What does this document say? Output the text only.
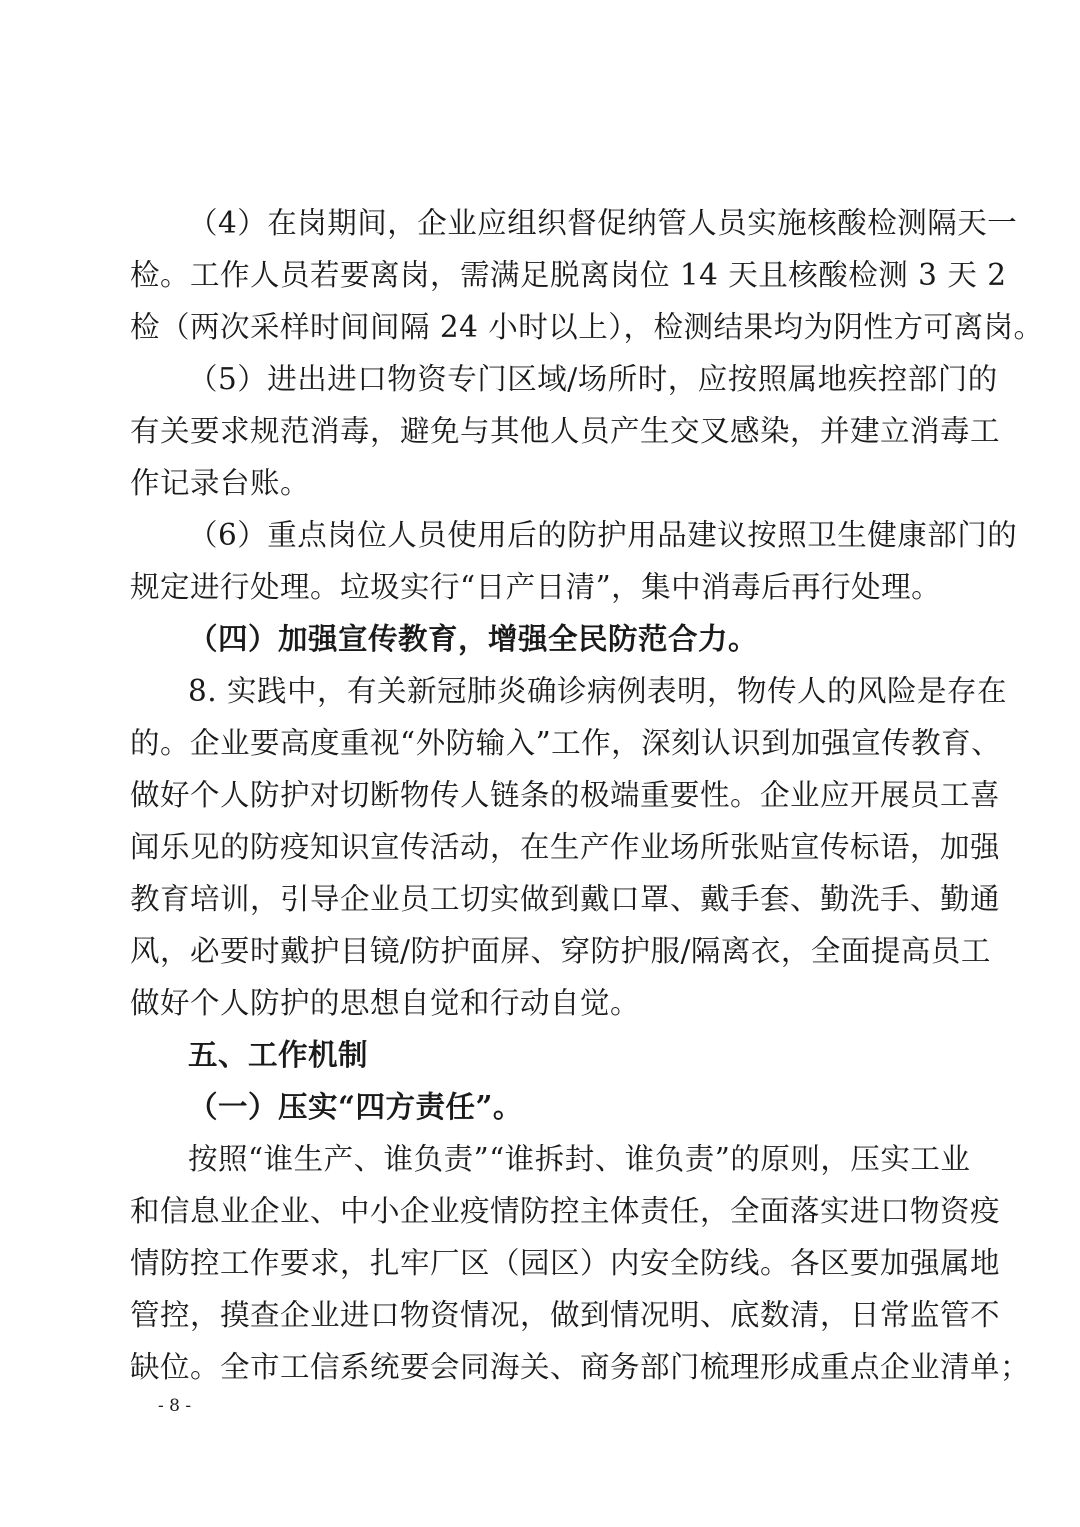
（4）在岗期间，企业应组织督促纳管人员实施核酸检测隔天一
检。工作人员若要离岗，需满足脱离岗位 14 天且核酸检测 3 天 2
检（两次采样时间间隔 24 小时以上），检测结果均为阴性方可离岗。
（5）进出进口物资专门区域/场所时，应按照属地疾控部门的
有关要求规范消毒，避免与其他人员产生交叉感染，并建立消毒工
作记录台账。
（6）重点岗位人员使用后的防护用品建议按照卫生健康部门的
规定进行处理。垃圾实行“日产日清”，集中消毒后再行处理。
（四）加强宣传教育，增强全民防范合力。
8. 实践中，有关新冠肺炎确诊病例表明，物传人的风险是存在
的。企业要高度重视“外防输入”工作，深刻认识到加强宣传教育、
做好个人防护对切断物传人链条的极端重要性。企业应开展员工喜
闻乐见的防疫知识宣传活动，在生产作业场所张贴宣传标语，加强
教育培训，引导企业员工切实做到戴口罩、戴手套、勤洗手、勤通
风，必要时戴护目镜/防护面屏、穿防护服/隔离衣，全面提高员工
做好个人防护的思想自觉和行动自觉。
五、工作机制
（一）压实“四方责任”。
按照“谁生产、谁负责”“谁拆封、谁负责”的原则，压实工业
和信息业企业、中小企业疫情防控主体责任，全面落实进口物资疫
情防控工作要求，扎牢厂区（园区）内安全防线。各区要加强属地
管控，摸查企业进口物资情况，做到情况明、底数清，日常监管不
缺位。全市工信系统要会同海关、商务部门梳理形成重点企业清单；
- 8 -
